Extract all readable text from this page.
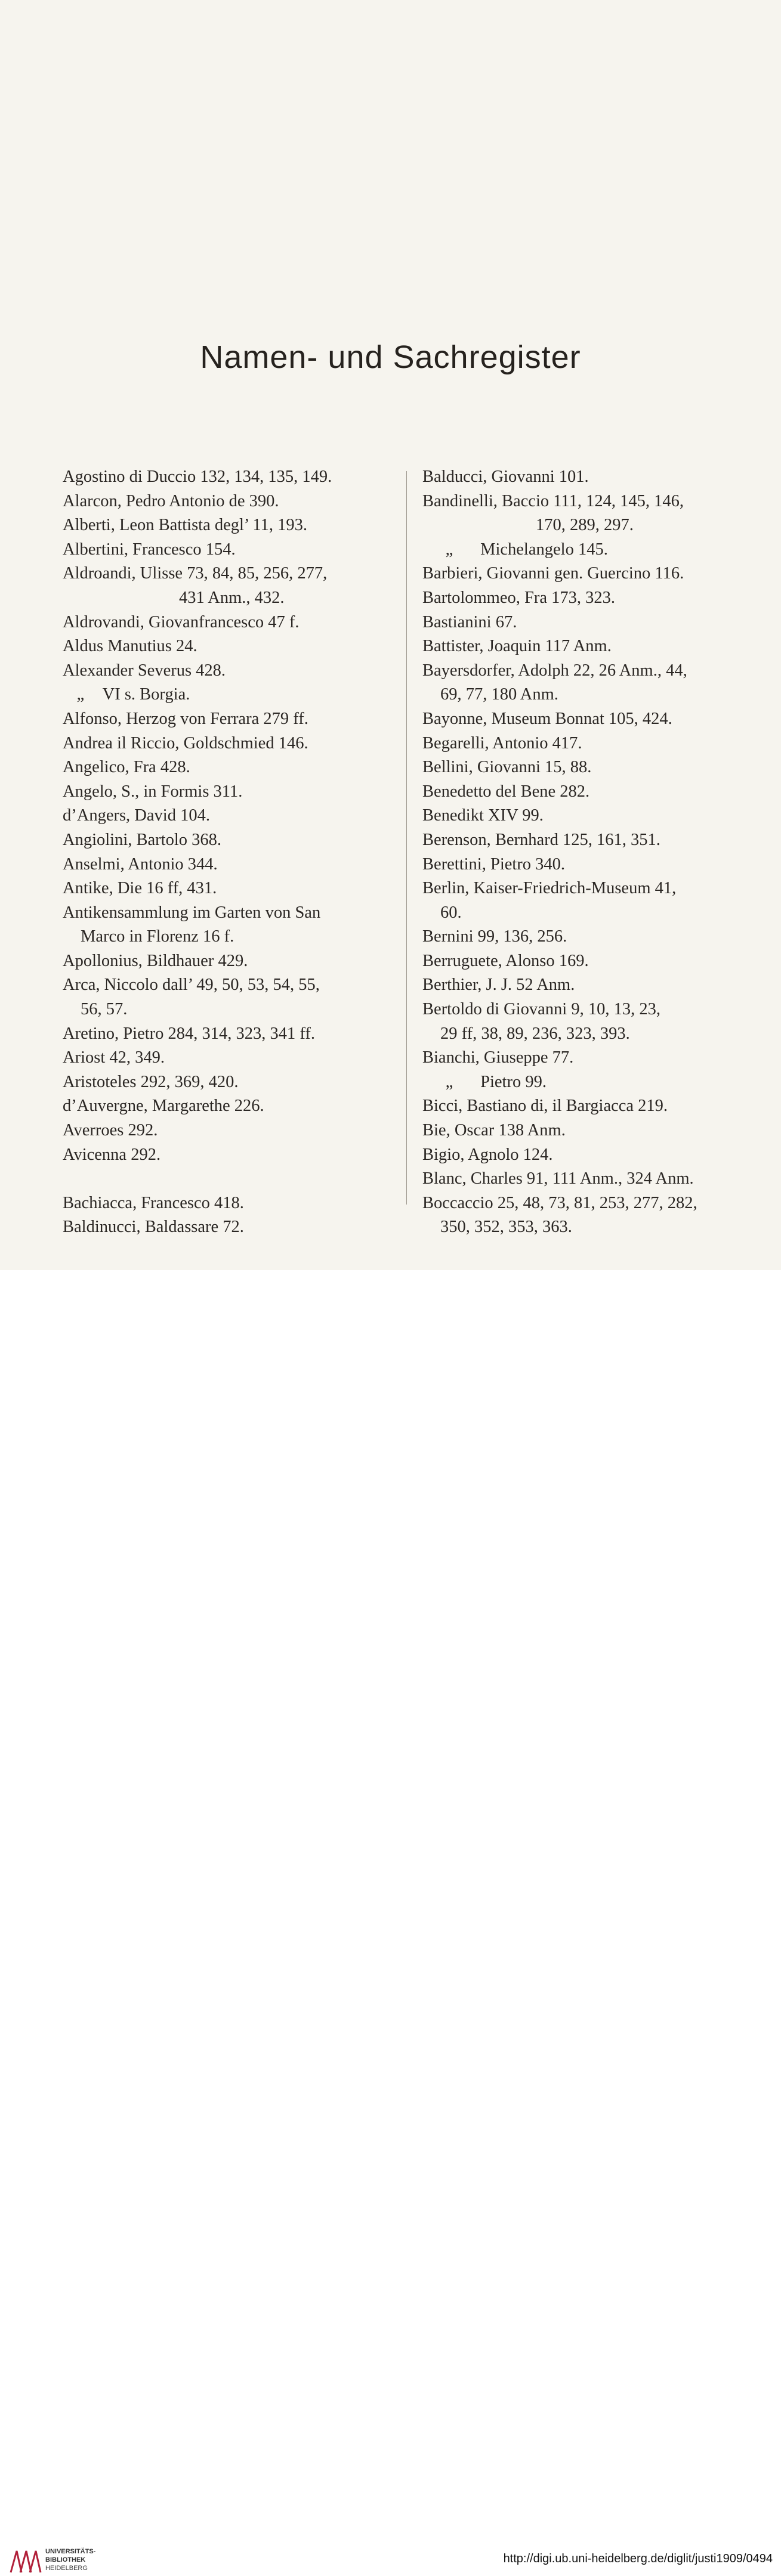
Namen- und Sachregister
Agostino di Duccio 132, 134, 135, 149.
Alarcon, Pedro Antonio de 390.
Alberti, Leon Battista degl’ 11, 193.
Albertini, Francesco 154.
Aldroandi, Ulisse 73, 84, 85, 256, 277,
431 Anm., 432.
Aldrovandi, Giovanfrancesco 47 f.
Aldus Manutius 24.
Alexander Severus 428.
„ VI s. Borgia.
Alfonso, Herzog von Ferrara 279 ff.
Andrea il Riccio, Goldschmied 146.
Angelico, Fra 428.
Angelo, S., in Formis 311.
d’Angers, David 104.
Angiolini, Bartolo 368.
Anselmi, Antonio 344.
Antike, Die 16 ff, 431.
Antikensammlung im Garten von San
Marco in Florenz 16 f.
Apollonius, Bildhauer 429.
Arca, Niccolo dall’ 49, 50, 53, 54, 55,
56, 57.
Aretino, Pietro 284, 314, 323, 341 ff.
Ariost 42, 349.
Aristoteles 292, 369, 420.
d’Auvergne, Margarethe 226.
Averroes 292.
Avicenna 292.
Bachiacca, Francesco 418.
Baldinucci, Baldassare 72.
Balducci, Giovanni 101.
Bandinelli, Baccio 111, 124, 145, 146,
170, 289, 297.
„ Michelangelo 145.
Barbieri, Giovanni gen. Guercino 116.
Bartolommeo, Fra 173, 323.
Bastianini 67.
Battister, Joaquin 117 Anm.
Bayersdorfer, Adolph 22, 26 Anm., 44,
69, 77, 180 Anm.
Bayonne, Museum Bonnat 105, 424.
Begarelli, Antonio 417.
Bellini, Giovanni 15, 88.
Benedetto del Bene 282.
Benedikt XIV 99.
Berenson, Bernhard 125, 161, 351.
Berettini, Pietro 340.
Berlin, Kaiser-Friedrich-Museum 41,
60.
Bernini 99, 136, 256.
Berruguete, Alonso 169.
Berthier, J. J. 52 Anm.
Bertoldo di Giovanni 9, 10, 13, 23,
29 ff, 38, 89, 236, 323, 393.
Bianchi, Giuseppe 77.
„ Pietro 99.
Bicci, Bastiano di, il Bargiacca 219.
Bie, Oscar 138 Anm.
Bigio, Agnolo 124.
Blanc, Charles 91, 111 Anm., 324 Anm.
Boccaccio 25, 48, 73, 81, 253, 277, 282,
350, 352, 353, 363.
UNIVERSITÄTS-
BIBLIOTHEK
HEIDELBERG
http://digi.ub.uni-heidelberg.de/diglit/justi1909/0494
